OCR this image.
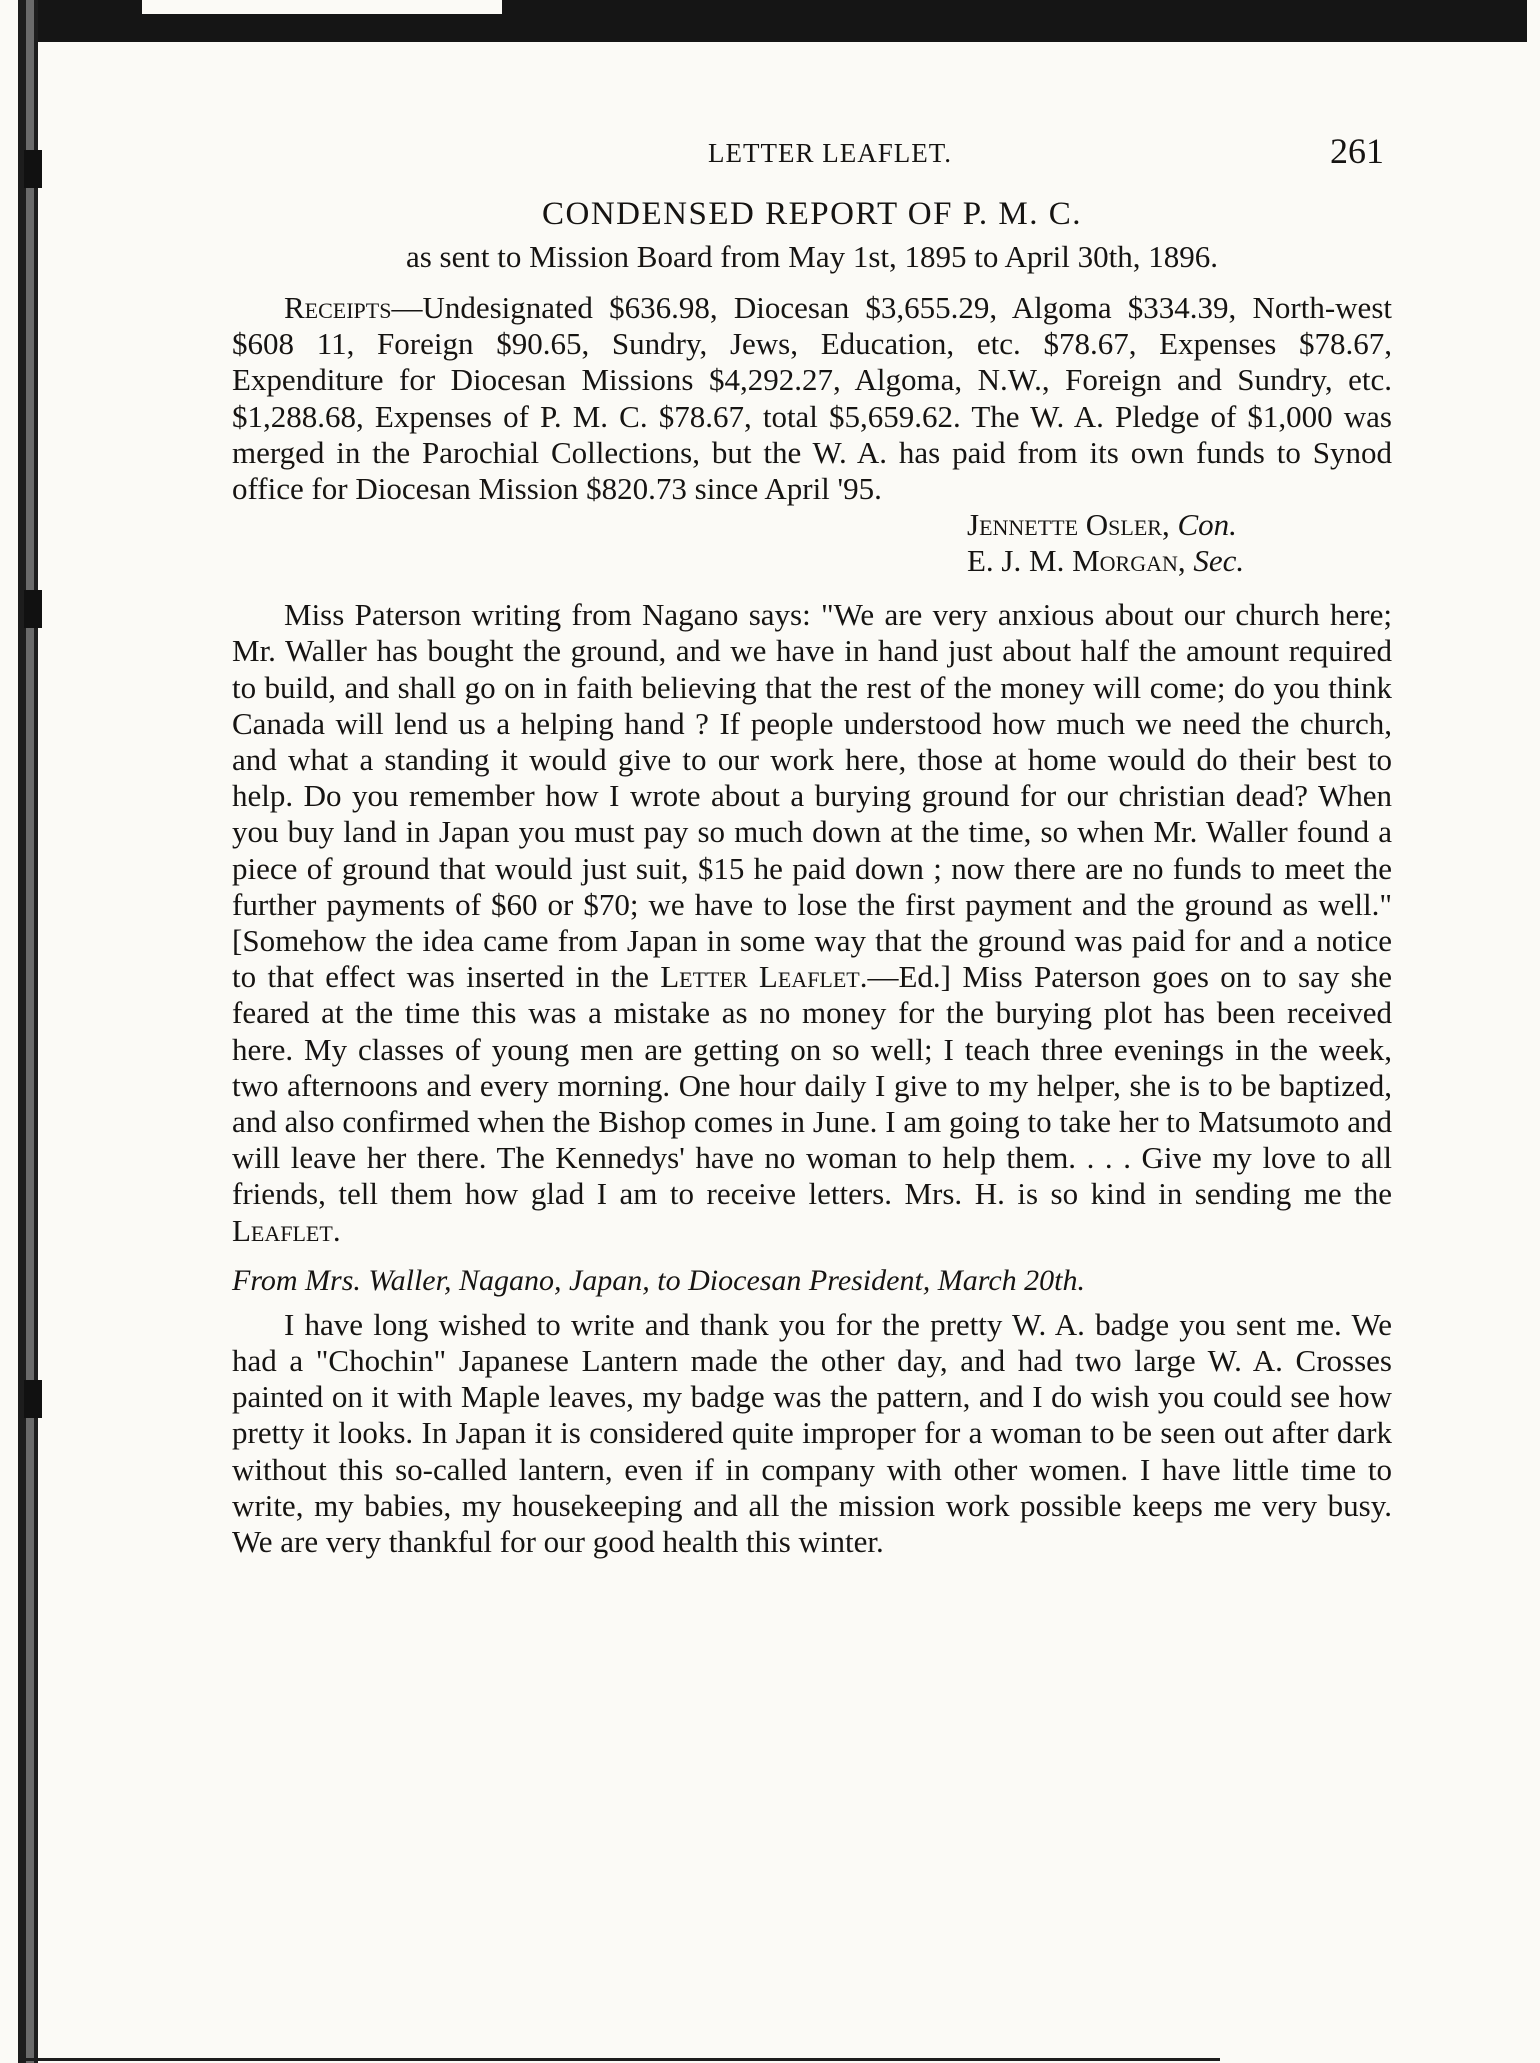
LETTER LEAFLET.	261
CONDENSED REPORT OF P. M. C.
as sent to Mission Board from May 1st, 1895 to April 30th, 1896.

Receipts—Undesignated $636.98, Diocesan $3,655.29, Algoma $334.39, North-west $608 11, Foreign $90.65, Sundry, Jews, Education, etc. $78.67, Expenses $78.67, Expenditure for Diocesan Missions $4,292.27, Algoma, N.W., Foreign and Sundry, etc. $1,288.68, Expenses of P. M. C. $78.67, total $5,659.62. The W. A. Pledge of $1,000 was merged in the Parochial Collections, but the W. A. has paid from its own funds to Synod office for Diocesan Mission $820.73 since April '95.

Jennette Osler, Con.
E. J. M. Morgan, Sec.

Miss Paterson writing from Nagano says: "We are very anxious about our church here; Mr. Waller has bought the ground, and we have in hand just about half the amount required to build, and shall go on in faith believing that the rest of the money will come; do you think Canada will lend us a helping hand ? If people understood how much we need the church, and what a standing it would give to our work here, those at home would do their best to help. Do you remember how I wrote about a burying ground for our christian dead? When you buy land in Japan you must pay so much down at the time, so when Mr. Waller found a piece of ground that would just suit, $15 he paid down ; now there are no funds to meet the further payments of $60 or $70; we have to lose the first payment and the ground as well." [Somehow the idea came from Japan in some way that the ground was paid for and a notice to that effect was inserted in the Letter Leaflet.—Ed.] Miss Paterson goes on to say she feared at the time this was a mistake as no money for the burying plot has been received here. My classes of young men are getting on so well; I teach three evenings in the week, two afternoons and every morning. One hour daily I give to my helper, she is to be baptized, and also confirmed when the Bishop comes in June. I am going to take her to Matsumoto and will leave her there. The Kennedys' have no woman to help them. . . . Give my love to all friends, tell them how glad I am to receive letters. Mrs. H. is so kind in sending me the Leaflet.

From Mrs. Waller, Nagano, Japan, to Diocesan President, March 20th.

I have long wished to write and thank you for the pretty W. A. badge you sent me. We had a "Chochin" Japanese Lantern made the other day, and had two large W. A. Crosses painted on it with Maple leaves, my badge was the pattern, and I do wish you could see how pretty it looks. In Japan it is considered quite improper for a woman to be seen out after dark without this so-called lantern, even if in company with other women. I have little time to write, my babies, my housekeeping and all the mission work possible keeps me very busy. We are very thankful for our good health this winter.
